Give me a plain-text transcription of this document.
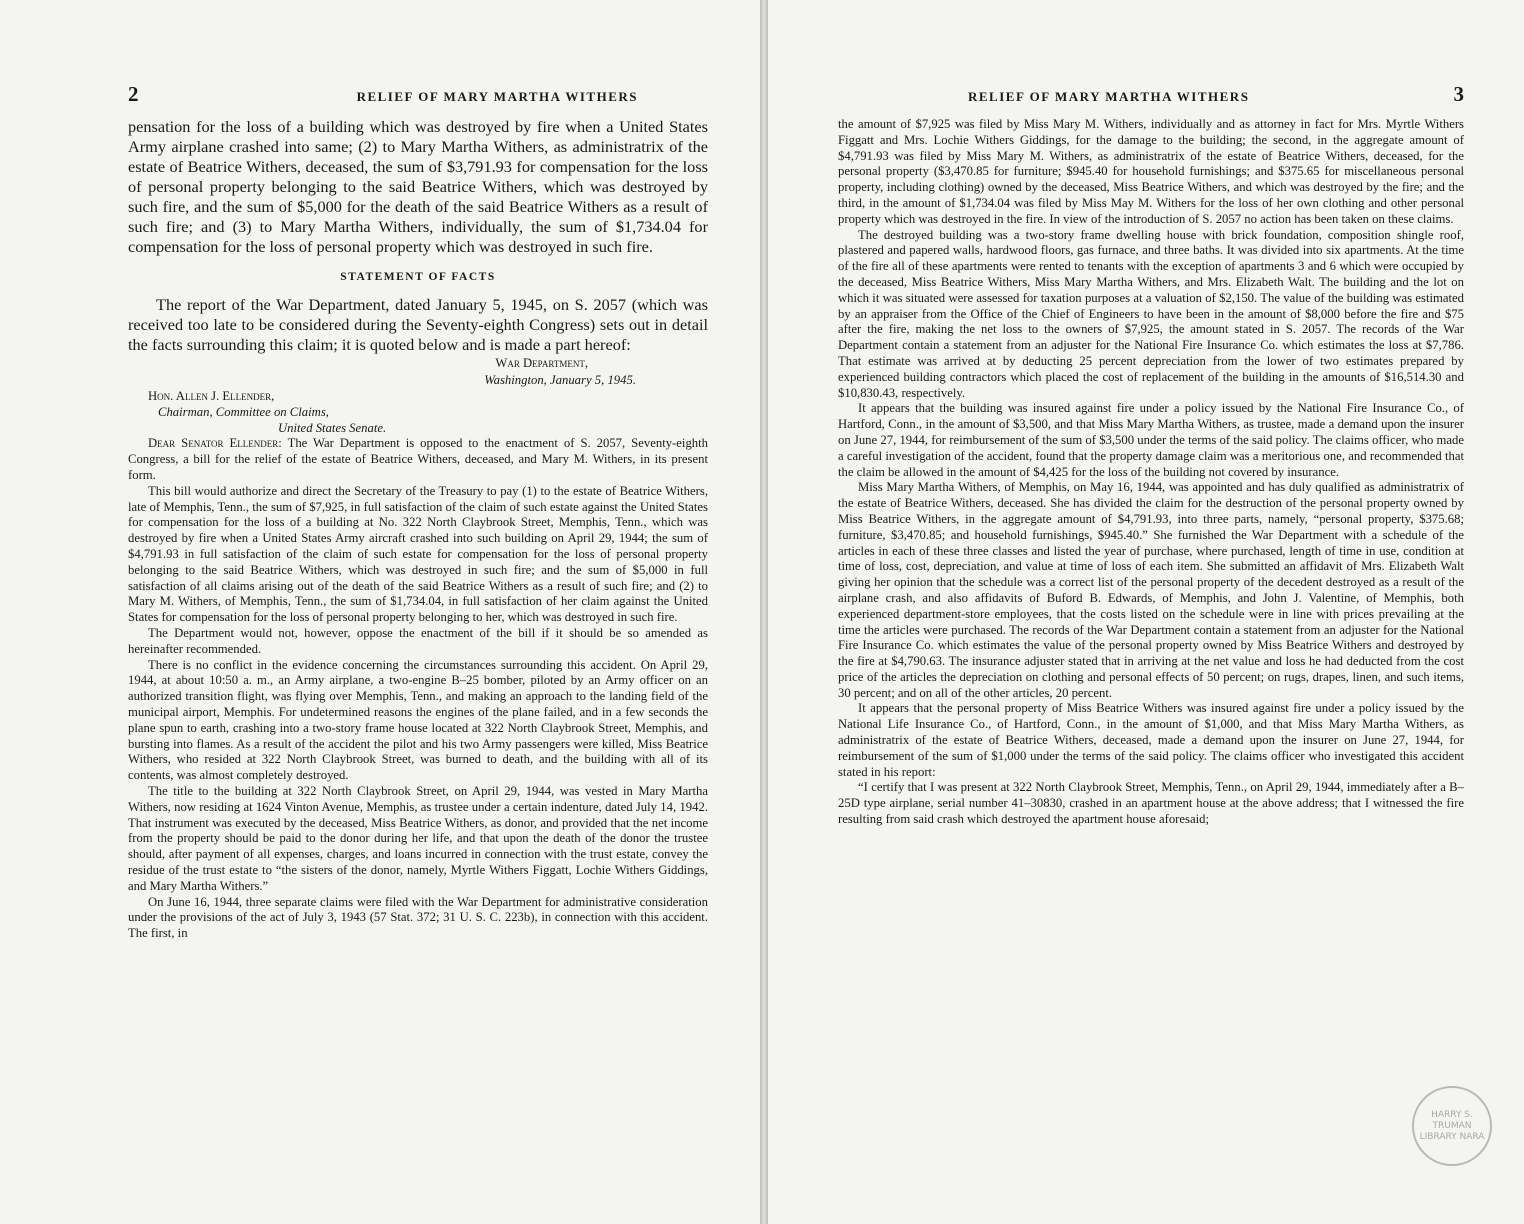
2	RELIEF OF MARY MARTHA WITHERS

pensation for the loss of a building which was destroyed by fire when a United States Army airplane crashed into same; (2) to Mary Martha Withers, as administratrix of the estate of Beatrice Withers, deceased, the sum of $3,791.93 for compensation for the loss of personal property belonging to the said Beatrice Withers, which was destroyed by such fire, and the sum of $5,000 for the death of the said Beatrice Withers as a result of such fire; and (3) to Mary Martha Withers, individually, the sum of $1,734.04 for compensation for the loss of personal property which was destroyed in such fire.

STATEMENT OF FACTS

The report of the War Department, dated January 5, 1945, on S. 2057 (which was received too late to be considered during the Seventy-eighth Congress) sets out in detail the facts surrounding this claim; it is quoted below and is made a part hereof:

War Department,
Washington, January 5, 1945.
Hon. Allen J. Ellender,
Chairman, Committee on Claims,
United States Senate.

Dear Senator Ellender: The War Department is opposed to the enactment of S. 2057, Seventy-eighth Congress, a bill for the relief of the estate of Beatrice Withers, deceased, and Mary M. Withers, in its present form.

This bill would authorize and direct the Secretary of the Treasury to pay (1) to the estate of Beatrice Withers, late of Memphis, Tenn., the sum of $7,925, in full satisfaction of the claim of such estate against the United States for compensation for the loss of a building at No. 322 North Claybrook Street, Memphis, Tenn., which was destroyed by fire when a United States Army aircraft crashed into such building on April 29, 1944; the sum of $4,791.93 in full satisfaction of the claim of such estate for compensation for the loss of personal property belonging to the said Beatrice Withers, which was destroyed in such fire; and the sum of $5,000 in full satisfaction of all claims arising out of the death of the said Beatrice Withers as a result of such fire; and (2) to Mary M. Withers, of Memphis, Tenn., the sum of $1,734.04, in full satisfaction of her claim against the United States for compensation for the loss of personal property belonging to her, which was destroyed in such fire.

The Department would not, however, oppose the enactment of the bill if it should be so amended as hereinafter recommended.

There is no conflict in the evidence concerning the circumstances surrounding this accident. On April 29, 1944, at about 10:50 a. m., an Army airplane, a two-engine B–25 bomber, piloted by an Army officer on an authorized transition flight, was flying over Memphis, Tenn., and making an approach to the landing field of the municipal airport, Memphis. For undetermined reasons the engines of the plane failed, and in a few seconds the plane spun to earth, crashing into a two-story frame house located at 322 North Claybrook Street, Memphis, and bursting into flames. As a result of the accident the pilot and his two Army passengers were killed, Miss Beatrice Withers, who resided at 322 North Claybrook Street, was burned to death, and the building with all of its contents, was almost completely destroyed.

The title to the building at 322 North Claybrook Street, on April 29, 1944, was vested in Mary Martha Withers, now residing at 1624 Vinton Avenue, Memphis, as trustee under a certain indenture, dated July 14, 1942. That instrument was executed by the deceased, Miss Beatrice Withers, as donor, and provided that the net income from the property should be paid to the donor during her life, and that upon the death of the donor the trustee should, after payment of all expenses, charges, and loans incurred in connection with the trust estate, convey the residue of the trust estate to “the sisters of the donor, namely, Myrtle Withers Figgatt, Lochie Withers Giddings, and Mary Martha Withers.”

On June 16, 1944, three separate claims were filed with the War Department for administrative consideration under the provisions of the act of July 3, 1943 (57 Stat. 372; 31 U. S. C. 223b), in connection with this accident. The first, in

RELIEF OF MARY MARTHA WITHERS	3

the amount of $7,925 was filed by Miss Mary M. Withers, individually and as attorney in fact for Mrs. Myrtle Withers Figgatt and Mrs. Lochie Withers Giddings, for the damage to the building; the second, in the aggregate amount of $4,791.93 was filed by Miss Mary M. Withers, as administratrix of the estate of Beatrice Withers, deceased, for the personal property ($3,470.85 for furniture; $945.40 for household furnishings; and $375.65 for miscellaneous personal property, including clothing) owned by the deceased, Miss Beatrice Withers, and which was destroyed by the fire; and the third, in the amount of $1,734.04 was filed by Miss May M. Withers for the loss of her own clothing and other personal property which was destroyed in the fire. In view of the introduction of S. 2057 no action has been taken on these claims.

The destroyed building was a two-story frame dwelling house with brick foundation, composition shingle roof, plastered and papered walls, hardwood floors, gas furnace, and three baths. It was divided into six apartments. At the time of the fire all of these apartments were rented to tenants with the exception of apartments 3 and 6 which were occupied by the deceased, Miss Beatrice Withers, Miss Mary Martha Withers, and Mrs. Elizabeth Walt. The building and the lot on which it was situated were assessed for taxation purposes at a valuation of $2,150. The value of the building was estimated by an appraiser from the Office of the Chief of Engineers to have been in the amount of $8,000 before the fire and $75 after the fire, making the net loss to the owners of $7,925, the amount stated in S. 2057. The records of the War Department contain a statement from an adjuster for the National Fire Insurance Co. which estimates the loss at $7,786. That estimate was arrived at by deducting 25 percent depreciation from the lower of two estimates prepared by experienced building contractors which placed the cost of replacement of the building in the amounts of $16,514.30 and $10,830.43, respectively.

It appears that the building was insured against fire under a policy issued by the National Fire Insurance Co., of Hartford, Conn., in the amount of $3,500, and that Miss Mary Martha Withers, as trustee, made a demand upon the insurer on June 27, 1944, for reimbursement of the sum of $3,500 under the terms of the said policy. The claims officer, who made a careful investigation of the accident, found that the property damage claim was a meritorious one, and recommended that the claim be allowed in the amount of $4,425 for the loss of the building not covered by insurance.

Miss Mary Martha Withers, of Memphis, on May 16, 1944, was appointed and has duly qualified as administratrix of the estate of Beatrice Withers, deceased. She has divided the claim for the destruction of the personal property owned by Miss Beatrice Withers, in the aggregate amount of $4,791.93, into three parts, namely, “personal property, $375.68; furniture, $3,470.85; and household furnishings, $945.40.” She furnished the War Department with a schedule of the articles in each of these three classes and listed the year of purchase, where purchased, length of time in use, condition at time of loss, cost, depreciation, and value at time of loss of each item. She submitted an affidavit of Mrs. Elizabeth Walt giving her opinion that the schedule was a correct list of the personal property of the decedent destroyed as a result of the airplane crash, and also affidavits of Buford B. Edwards, of Memphis, and John J. Valentine, of Memphis, both experienced department-store employees, that the costs listed on the schedule were in line with prices prevailing at the time the articles were purchased. The records of the War Department contain a statement from an adjuster for the National Fire Insurance Co. which estimates the value of the personal property owned by Miss Beatrice Withers and destroyed by the fire at $4,790.63. The insurance adjuster stated that in arriving at the net value and loss he had deducted from the cost price of the articles the depreciation on clothing and personal effects of 50 percent; on rugs, drapes, linen, and such items, 30 percent; and on all of the other articles, 20 percent.

It appears that the personal property of Miss Beatrice Withers was insured against fire under a policy issued by the National Life Insurance Co., of Hartford, Conn., in the amount of $1,000, and that Miss Mary Martha Withers, as administratrix of the estate of Beatrice Withers, deceased, made a demand upon the insurer on June 27, 1944, for reimbursement of the sum of $1,000 under the terms of the said policy. The claims officer who investigated this accident stated in his report:

“I certify that I was present at 322 North Claybrook Street, Memphis, Tenn., on April 29, 1944, immediately after a B–25D type airplane, serial number 41–30830, crashed in an apartment house at the above address; that I witnessed the fire resulting from said crash which destroyed the apartment house aforesaid;

HARRY S. TRUMAN LIBRARY NARA
